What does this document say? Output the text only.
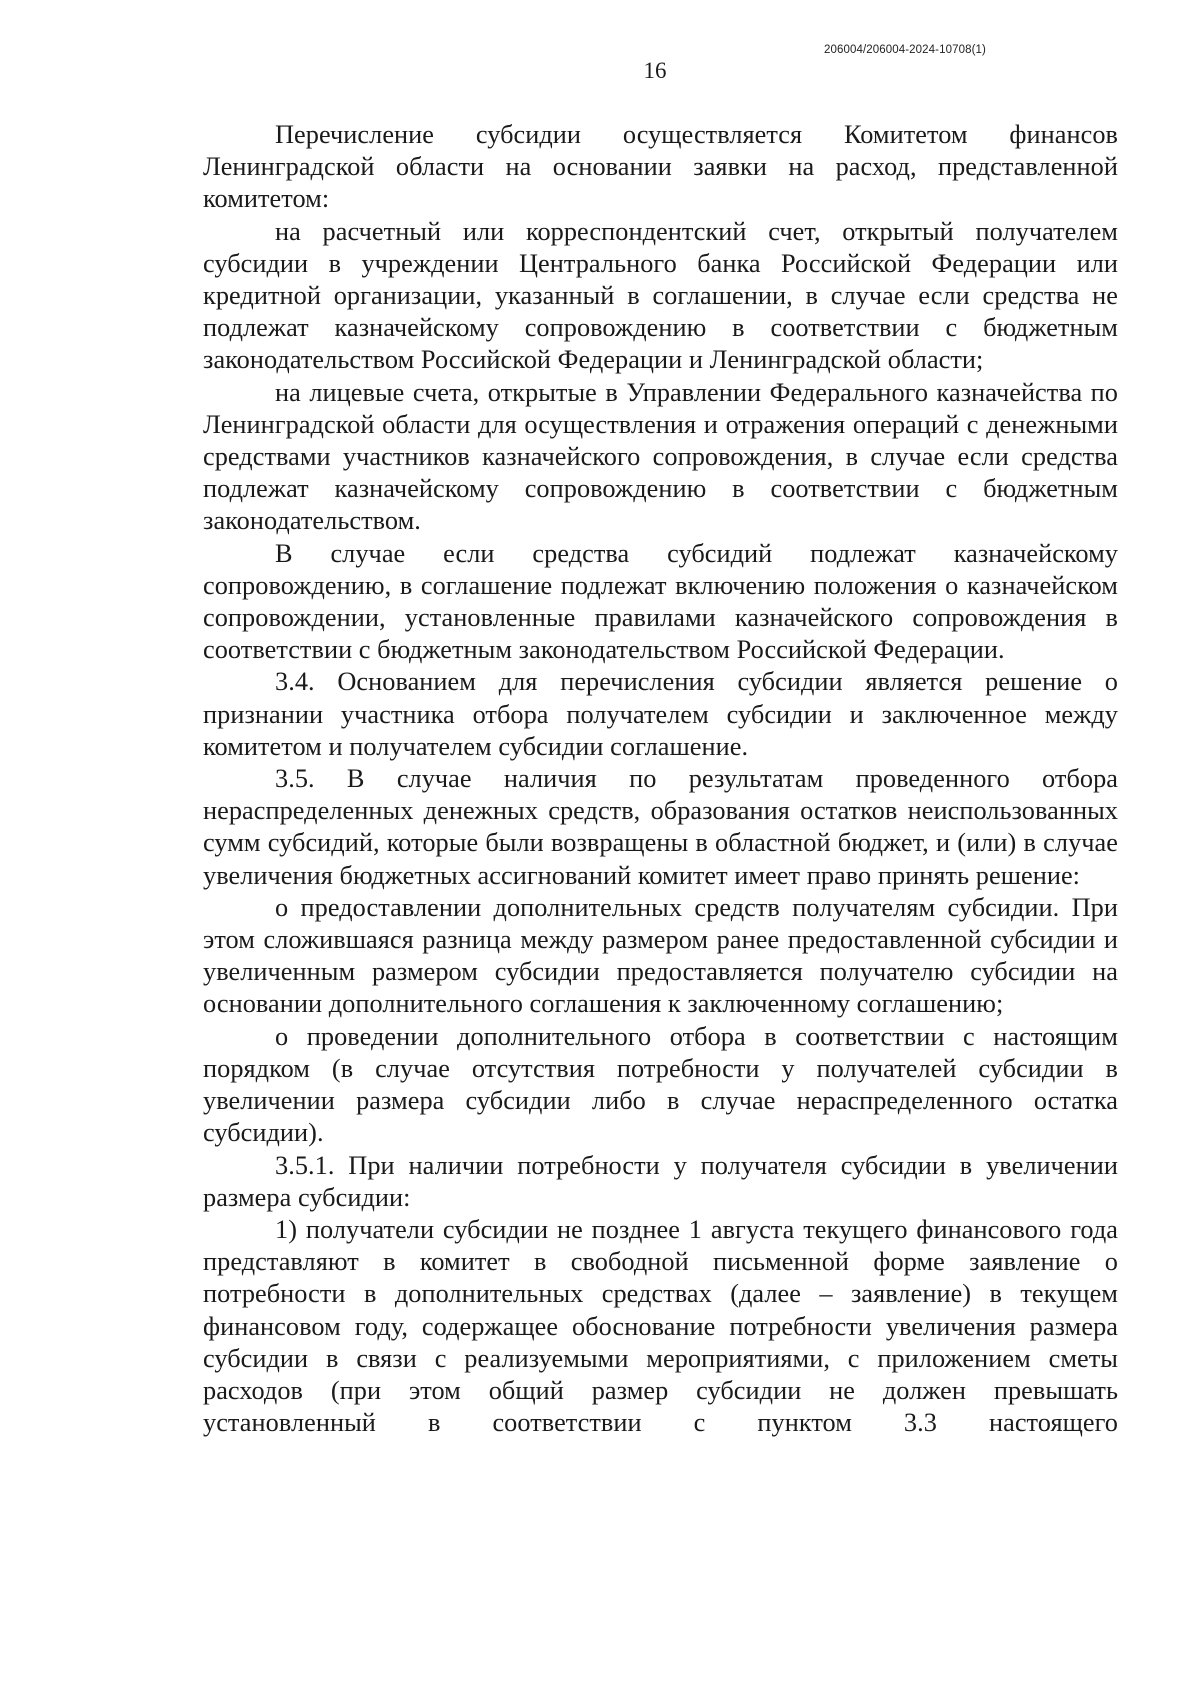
206004/206004-2024-10708(1)
16

Перечисление субсидии осуществляется Комитетом финансов Ленинградской области на основании заявки на расход, представленной комитетом:

на расчетный или корреспондентский счет, открытый получателем субсидии в учреждении Центрального банка Российской Федерации или кредитной организации, указанный в соглашении, в случае если средства не подлежат казначейскому сопровождению в соответствии с бюджетным законодательством Российской Федерации и Ленинградской области;

на лицевые счета, открытые в Управлении Федерального казначейства по Ленинградской области для осуществления и отражения операций с денежными средствами участников казначейского сопровождения, в случае если средства подлежат казначейскому сопровождению в соответствии с бюджетным законодательством.

В случае если средства субсидий подлежат казначейскому сопровождению, в соглашение подлежат включению положения о казначейском сопровождении, установленные правилами казначейского сопровождения в соответствии с бюджетным законодательством Российской Федерации.

3.4. Основанием для перечисления субсидии является решение о признании участника отбора получателем субсидии и заключенное между комитетом и получателем субсидии соглашение.

3.5. В случае наличия по результатам проведенного отбора нераспределенных денежных средств, образования остатков неиспользованных сумм субсидий, которые были возвращены в областной бюджет, и (или) в случае увеличения бюджетных ассигнований комитет имеет право принять решение:

о предоставлении дополнительных средств получателям субсидии. При этом сложившаяся разница между размером ранее предоставленной субсидии и увеличенным размером субсидии предоставляется получателю субсидии на основании дополнительного соглашения к заключенному соглашению;

о проведении дополнительного отбора в соответствии с настоящим порядком (в случае отсутствия потребности у получателей субсидии в увеличении размера субсидии либо в случае нераспределенного остатка субсидии).

3.5.1. При наличии потребности у получателя субсидии в увеличении размера субсидии:

1) получатели субсидии не позднее 1 августа текущего финансового года представляют в комитет в свободной письменной форме заявление о потребности в дополнительных средствах (далее – заявление) в текущем финансовом году, содержащее обоснование потребности увеличения размера субсидии в связи с реализуемыми мероприятиями, с приложением сметы расходов (при этом общий размер субсидии не должен превышать установленный в соответствии с пунктом 3.3 настоящего
